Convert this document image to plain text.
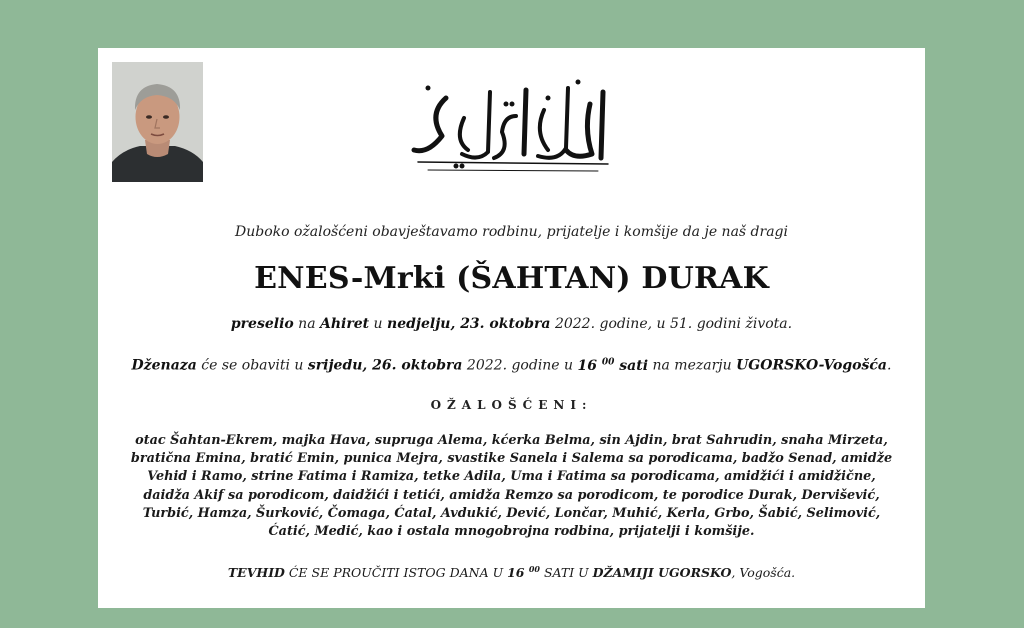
Duboko ožalošćeni obavještavamo rodbinu, prijatelje i komšije da je naš dragi
ENES-Mrki (ŠAHTAN) DURAK
preselio na Ahiret u nedjelju, 23. oktobra 2022. godine, u 51. godini života.
Dženaza će se obaviti u srijedu, 26. oktobra 2022. godine u 16 $^{00}$ sati na mezarju UGORSKO-Vogošća.
OŽALOŠĆENI:
otac Šahtan-Ekrem, majka Hava, supruga Alema, kćerka Belma, sin Ajdin, brat Sahrudin, snaha Mirzeta, bratična Emina, bratić Emin, punica Mejra, svastike Sanela i Salema sa porodicama, badžo Senad, amidže Vehid i Ramo, strine Fatima i Ramiza, tetke Adila, Uma i Fatima sa porodicama, amidžići i amidžične, daidža Akif sa porodicom, daidžići i tetići, amidža Remzo sa porodicom, te porodice Durak, Dervišević, Turbić, Hamza, Šurković, Čomaga, Ćatal, Avdukić, Dević, Lončar, Muhić, Kerla, Grbo, Šabić, Selimović, Ćatić, Medić, kao i ostala mnogobrojna rodbina, prijatelji i komšije.
TEVHID ĆE SE PROUČITI ISTOG DANA U 16 $^{00}$ SATI U DŽAMIJI UGORSKO, Vogošća.
